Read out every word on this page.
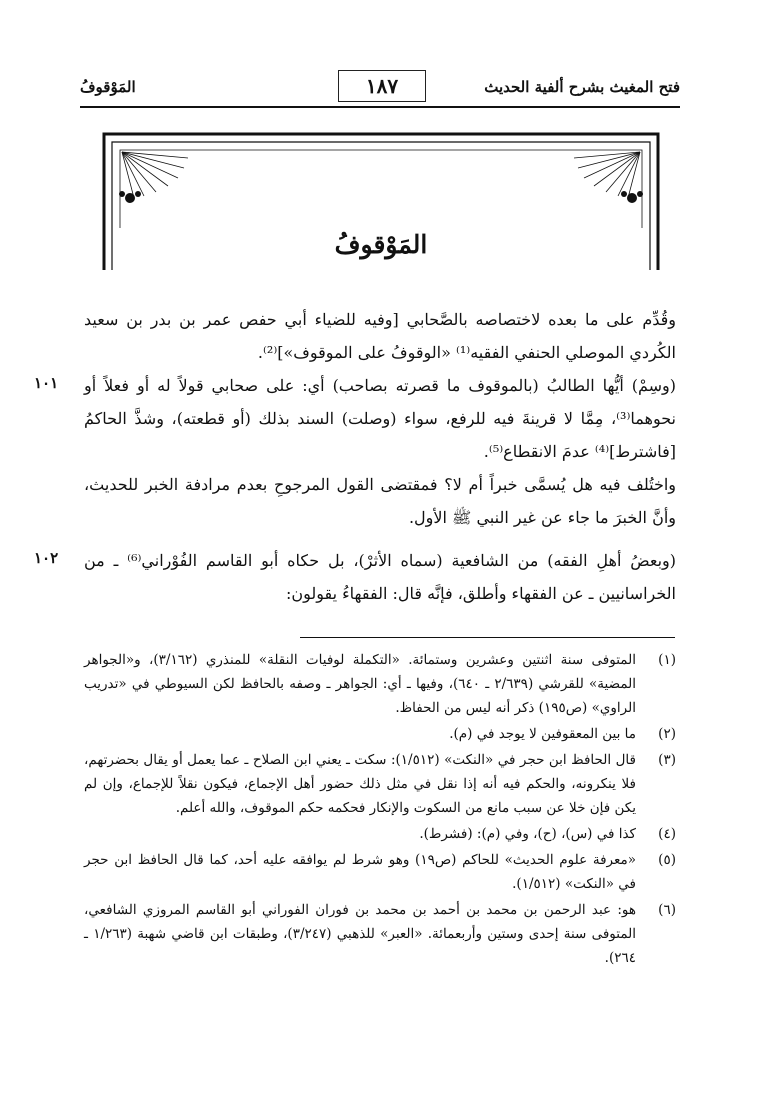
فتح المغيث بشرح ألفية الحديث
١٨٧
المَوْقوفُ
المَوْقوفُ

وقُدِّم على ما بعده لاختصاصه بالصَّحابي [وفيه للضياء أبي حفص عمر بن بدر بن سعيد الكُردي الموصلي الحنفي الفقيه⁽¹⁾ «الوقوفُ على الموقوف»]⁽²⁾.

(وسِمْ) أيُّها الطالبُ (بالموقوف ما قصرته بصاحب) أي: على صحابي قولاً له أو فعلاً أو نحوهما⁽³⁾، مِمَّا لا قرينةَ فيه للرفع، سواء (وصلت) السند بذلك (أو قطعته)، وشذَّ الحاكمُ [فاشترط]⁽⁴⁾ عدمَ الانقطاع⁽⁵⁾.

واختُلف فيه هل يُسمَّى خبراً أم لا؟ فمقتضى القول المرجوحِ بعدم مرادفة الخبر للحديث، وأنَّ الخبرَ ما جاء عن غير النبي ﷺ الأول.

(وبعضُ أهلِ الفقه) من الشافعية (سماه الأثرْ)، بل حكاه أبو القاسم الفُوْراني⁽⁶⁾ ـ من الخراسانيين ـ عن الفقهاء وأطلق، فإنَّه قال: الفقهاءُ يقولون:

١٠١
١٠٢
(١)
المتوفى سنة اثنتين وعشرين وستمائة. «التكملة لوفيات النقلة» للمنذري (٣/١٦٢)، و«الجواهر المضية» للقرشي (٢/٦٣٩ ـ ٦٤٠)، وفيها ـ أي: الجواهر ـ وصفه بالحافظ لكن السيوطي في «تدريب الراوي» (ص١٩٥) ذكر أنه ليس من الحفاظ.
(٢)
ما بين المعقوفين لا يوجد في (م).
(٣)
قال الحافظ ابن حجر في «النكت» (١/٥١٢): سكت ـ يعني ابن الصلاح ـ عما يعمل أو يقال بحضرتهم، فلا ينكرونه، والحكم فيه أنه إذا نقل في مثل ذلك حضور أهل الإجماع، فيكون نقلاً للإجماع، وإن لم يكن فإن خلا عن سبب مانع من السكوت والإنكار فحكمه حكم الموقوف، والله أعلم.
(٤)
كذا في (س)، (ح)، وفي (م): (فشرط).
(٥)
«معرفة علوم الحديث» للحاكم (ص١٩) وهو شرط لم يوافقه عليه أحد، كما قال الحافظ ابن حجر في «النكت» (١/٥١٢).
(٦)
هو: عبد الرحمن بن محمد بن أحمد بن محمد بن فوران الفوراني أبو القاسم المروزي الشافعي، المتوفى سنة إحدى وستين وأربعمائة. «العبر» للذهبي (٣/٢٤٧)، وطبقات ابن قاضي شهبة (١/٢٦٣ ـ ٢٦٤).
